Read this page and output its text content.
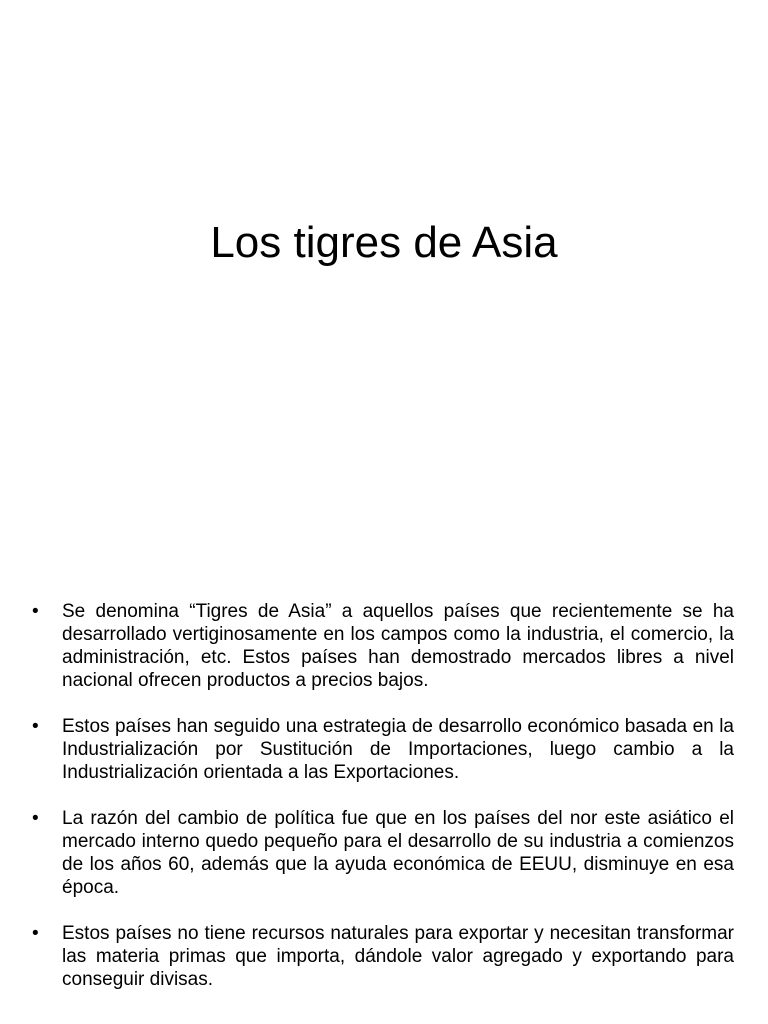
Los tigres de Asia
• Se denomina “Tigres de Asia” a aquellos países que recientemente se ha desarrollado vertiginosamente en los campos como la industria, el comercio, la administración, etc. Estos países han demostrado mercados libres a nivel nacional ofrecen productos a precios bajos.
• Estos países han seguido una estrategia de desarrollo económico basada en la Industrialización por Sustitución de Importaciones, luego cambio a la Industrialización orientada a las Exportaciones.
• La razón del cambio de política fue que en los países del nor este asiático el mercado interno quedo pequeño para el desarrollo de su industria a comienzos de los años 60, además que la ayuda económica de EEUU, disminuye en esa época.
• Estos países no tiene recursos naturales para exportar y necesitan transformar las materia primas que importa, dándole valor agregado y exportando para conseguir divisas.
